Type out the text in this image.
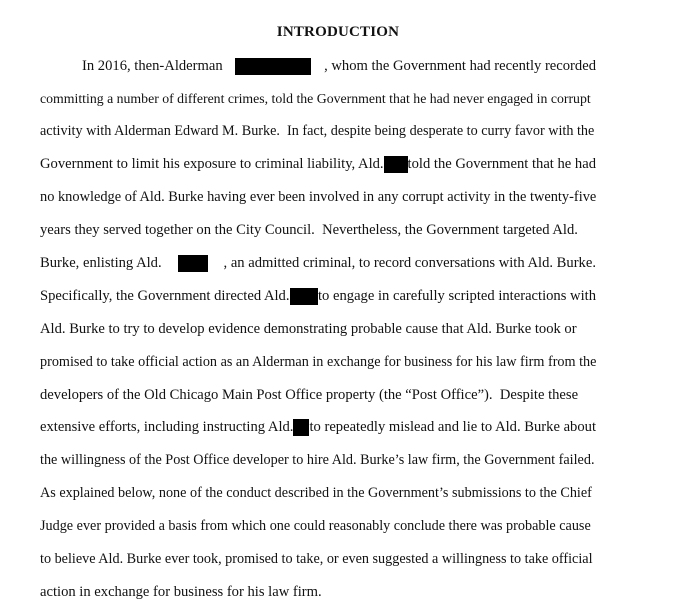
INTRODUCTION
In 2016, then-Alderman	, whom the Government had recently recorded
committing a number of different crimes, told the Government that he had never engaged in corrupt
activity with Alderman Edward M. Burke.  In fact, despite being desperate to curry favor with the
Government to limit his exposure to criminal liability, Ald. told the Government that he had
no knowledge of Ald. Burke having ever been involved in any corrupt activity in the twenty-five
years they served together on the City Council.  Nevertheless, the Government targeted Ald.
Burke, enlisting Ald.	, an admitted criminal, to record conversations with Ald. Burke.
Specifically, the Government directed Ald. to engage in carefully scripted interactions with
Ald. Burke to try to develop evidence demonstrating probable cause that Ald. Burke took or
promised to take official action as an Alderman in exchange for business for his law firm from the
developers of the Old Chicago Main Post Office property (the “Post Office”).  Despite these
extensive efforts, including instructing Ald. to repeatedly mislead and lie to Ald. Burke about
the willingness of the Post Office developer to hire Ald. Burke’s law firm, the Government failed.
As explained below, none of the conduct described in the Government’s submissions to the Chief
Judge ever provided a basis from which one could reasonably conclude there was probable cause
to believe Ald. Burke ever took, promised to take, or even suggested a willingness to take official
action in exchange for business for his law firm.
